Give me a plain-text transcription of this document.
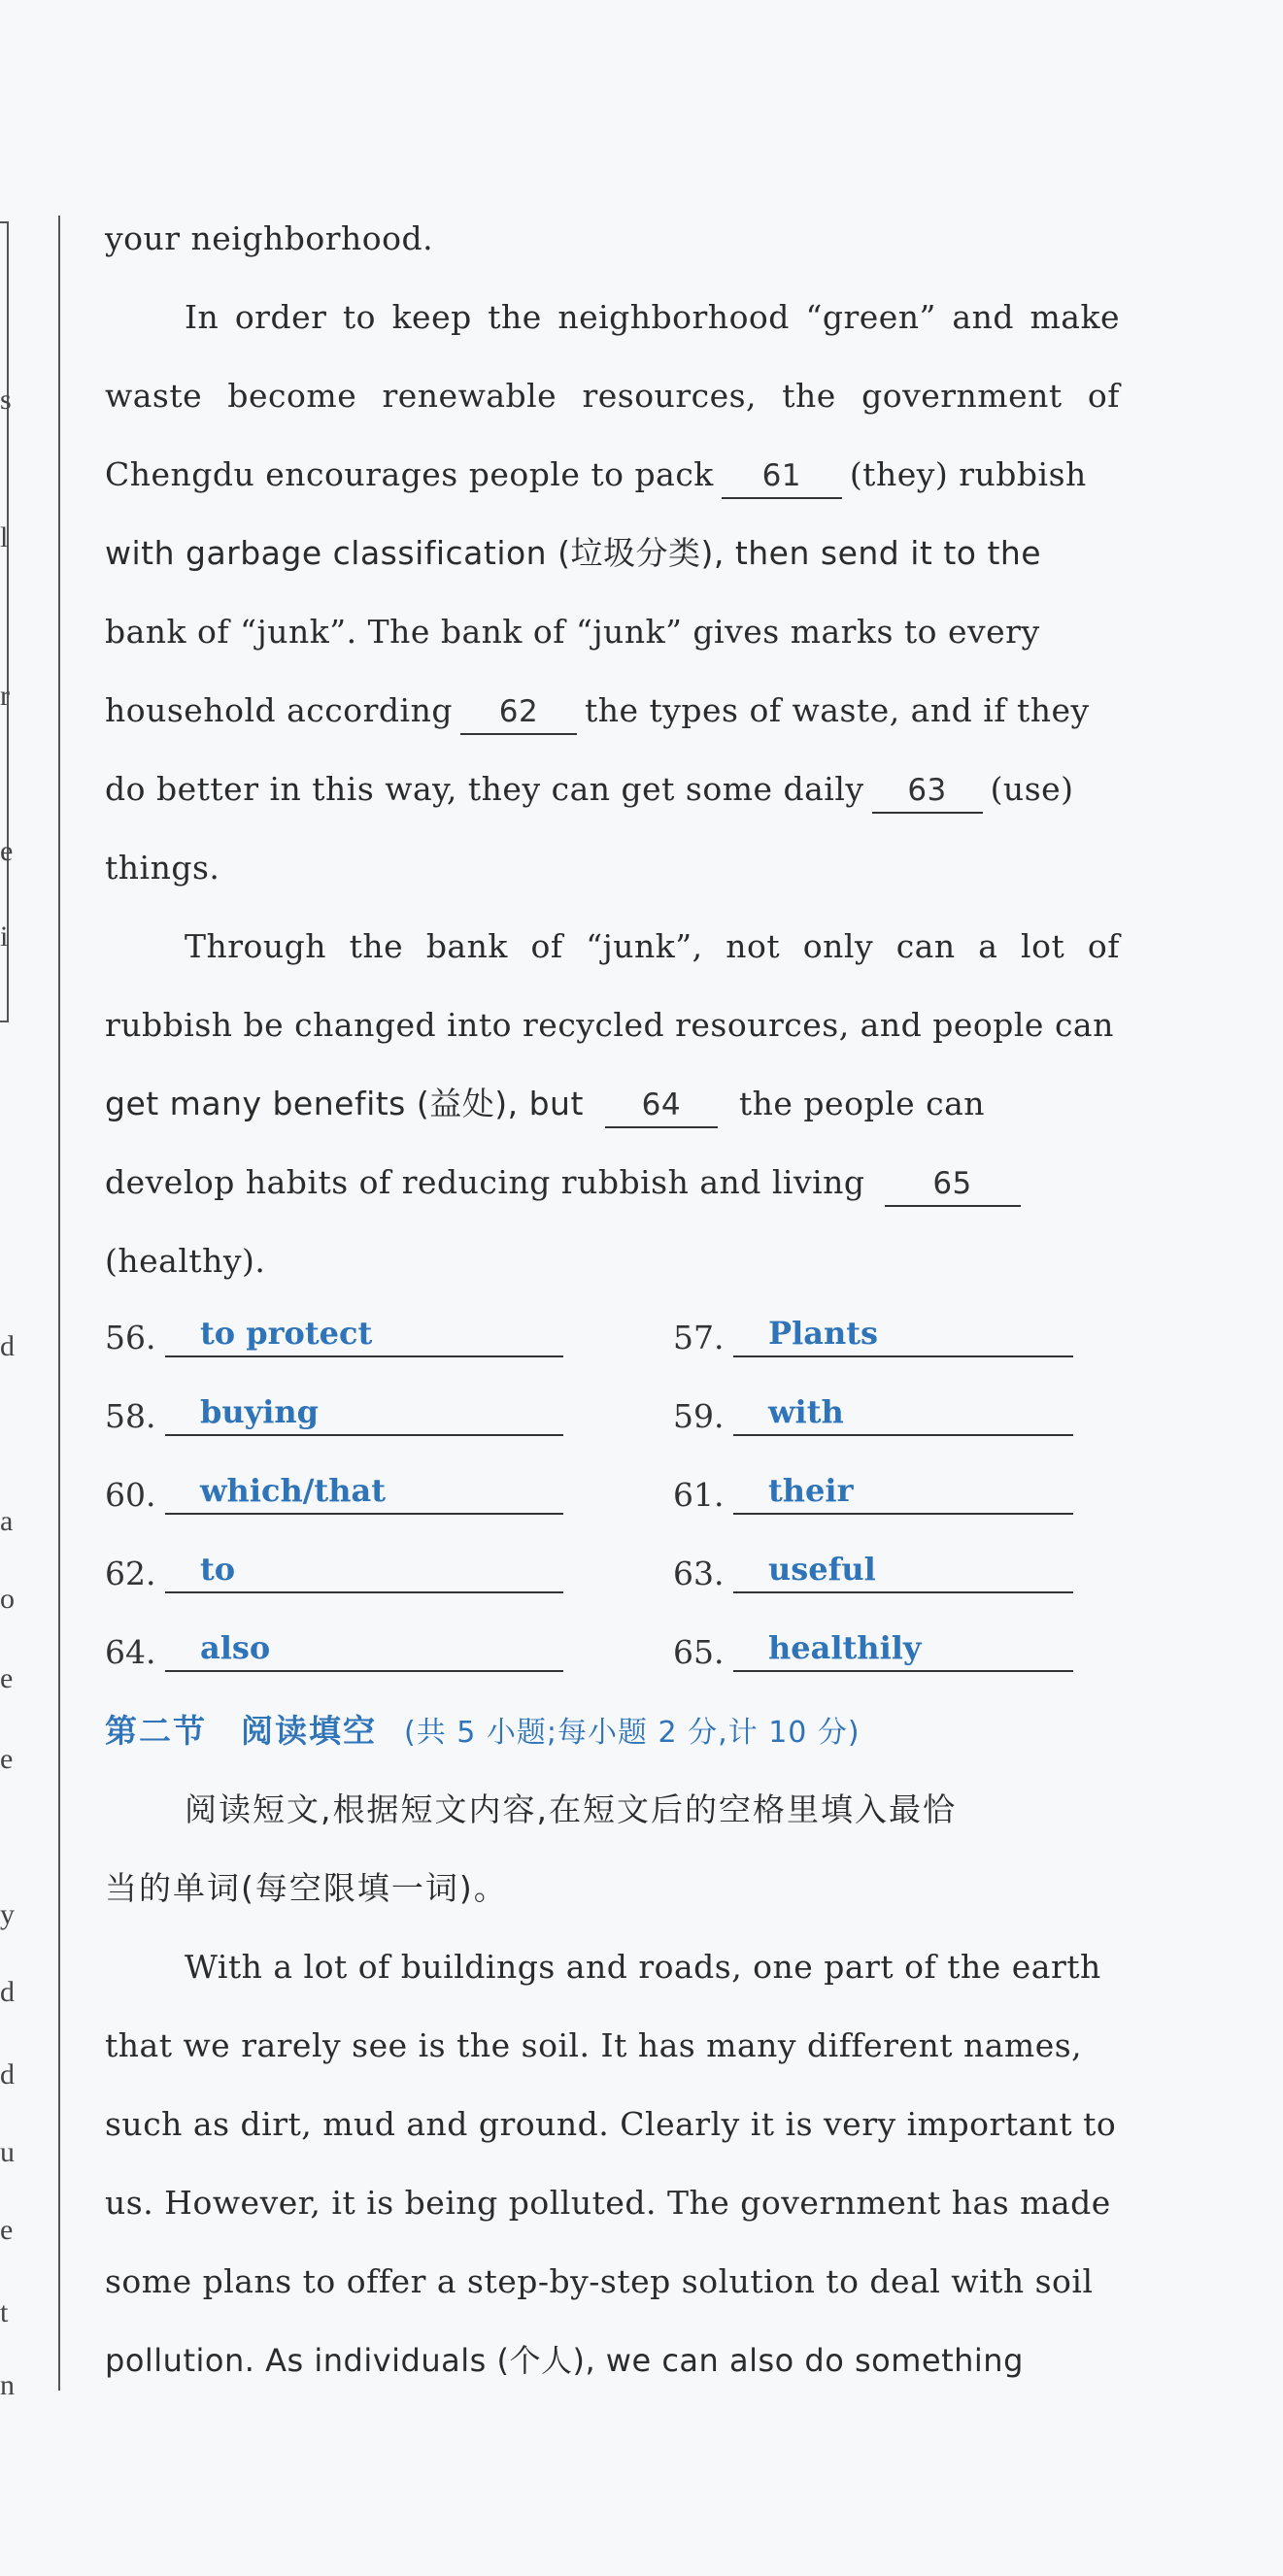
s
l
r
e
i
d
a
o
e
e
y
d
d
u
e
t
n
your neighborhood.
In order to keep the neighborhood “green” and make
waste become renewable resources, the government of
Chengdu encourages people to pack 61 (they) rubbish
with garbage classification (垃圾分类), then send it to the
bank of “junk”. The bank of “junk” gives marks to every
household according 62 the types of waste, and if they
do better in this way, they can get some daily 63 (use)
things.
Through the bank of “junk”, not only can a lot of
rubbish be changed into recycled resources, and people can
get many benefits (益处), but 64 the people can
develop habits of reducing rubbish and living 65
(healthy).
56. to protect	57. Plants
58. buying	59. with
60. which/that	61. their
62. to	63. useful
64. also	65. healthily
第二节　阅读填空 (共 5 小题;每小题 2 分,计 10 分)
阅读短文,根据短文内容,在短文后的空格里填入最恰
当的单词(每空限填一词)。
With a lot of buildings and roads, one part of the earth
that we rarely see is the soil. It has many different names,
such as dirt, mud and ground. Clearly it is very important to
us. However, it is being polluted. The government has made
some plans to offer a step-by-step solution to deal with soil
pollution. As individuals (个人), we can also do something
